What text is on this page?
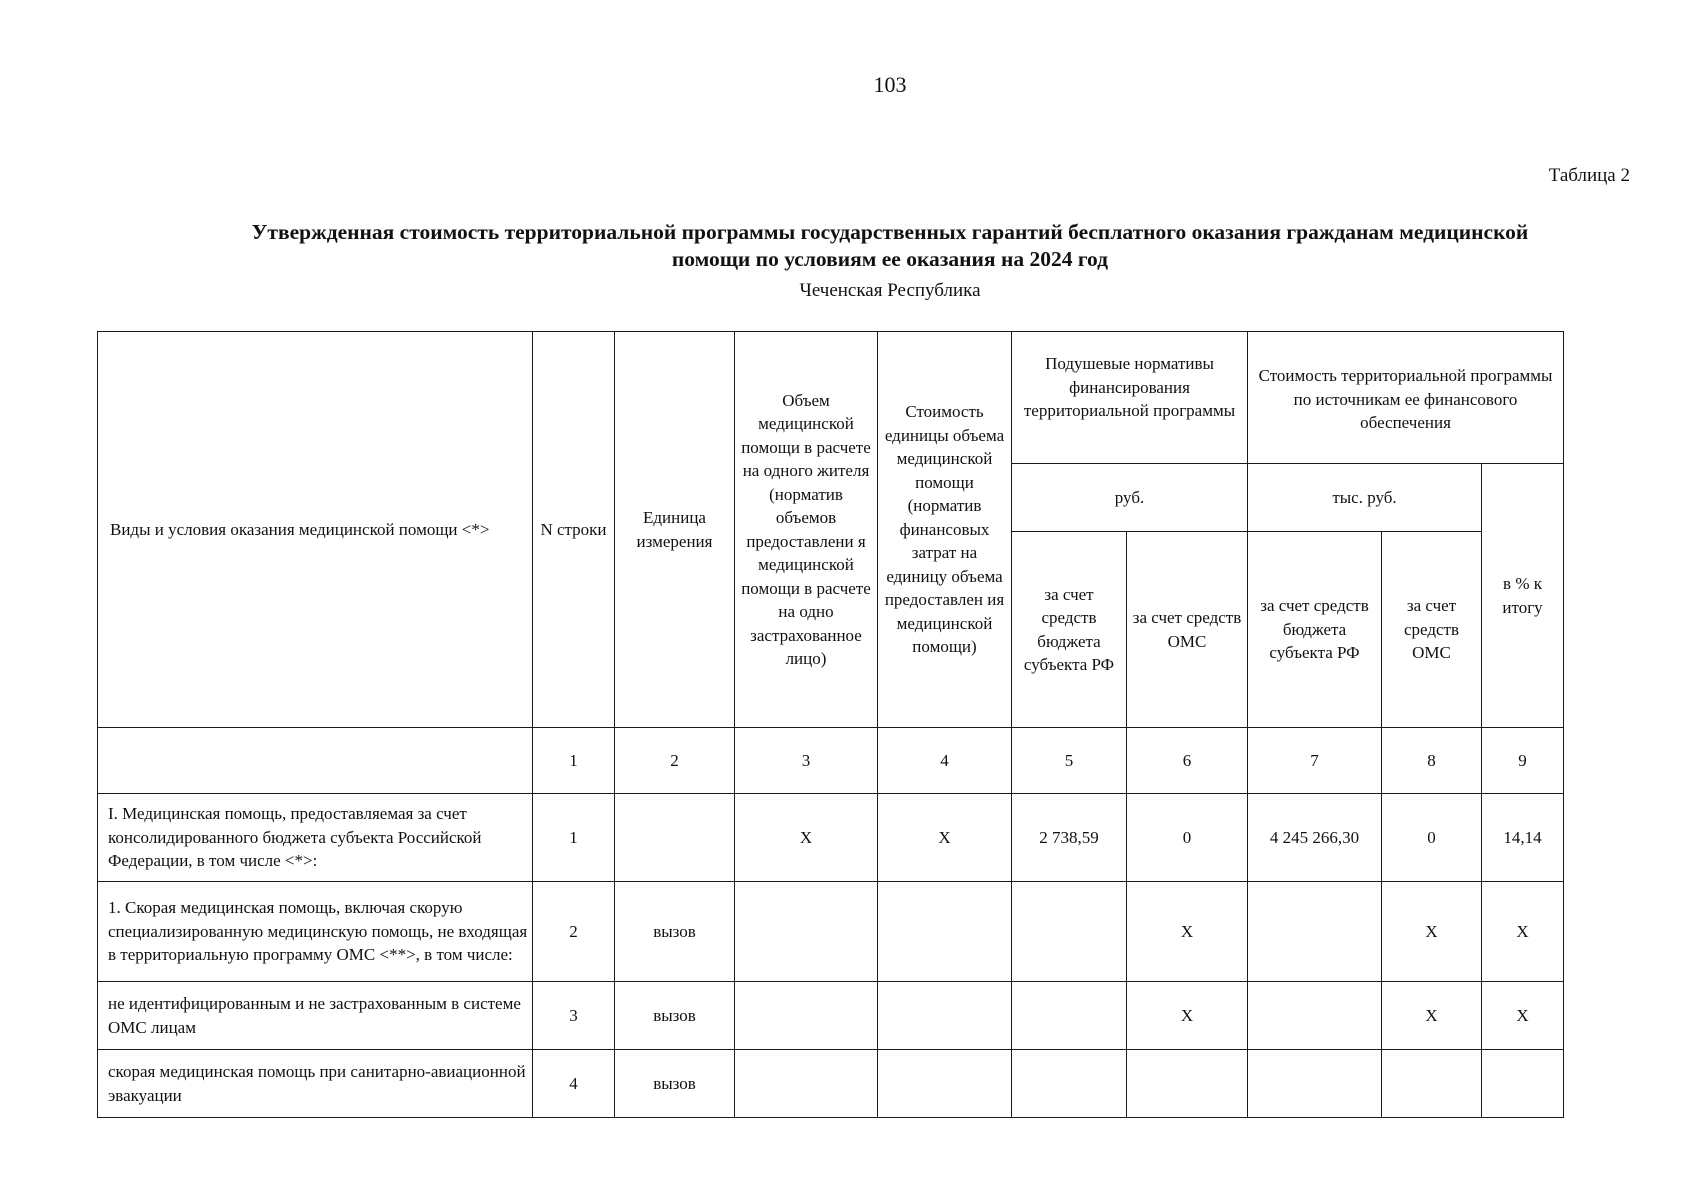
103
Таблица 2
Утвержденная стоимость территориальной программы государственных гарантий бесплатного оказания гражданам медицинской
помощи по условиям ее оказания на 2024 год
Чеченская Республика
Виды и условия оказания медицинской помощи <*>	N строки	Единица измерения	Объем медицинской помощи в расчете на одного жителя (норматив объемов предоставлени я медицинской помощи в расчете на одно застрахованное лицо)	Стоимость единицы объема медицинской помощи (норматив финансовых затрат на единицу объема предоставлен ия медицинской помощи)	Подушевые нормативы финансирования территориальной программы		Стоимость территориальной программы по источникам ее финансового обеспечения		
					руб.		тыс. руб.		в % к итогу
					за счет средств бюджета субъекта РФ	за счет средств ОМС	за счет средств бюджета субъекта РФ	за счет средств ОМС	
	1	2	3	4	5	6	7	8	9
I. Медицинская помощь, предоставляемая за счет консолидированного бюджета субъекта Российской Федерации, в том числе <*>:	1		X	X	2 738,59	0	4 245 266,30	0	14,14
1. Скорая медицинская помощь, включая скорую специализированную медицинскую помощь, не входящая в территориальную программу ОМС <**>, в том числе:	2	вызов				X		X	X
не идентифицированным и не застрахованным в системе ОМС лицам	3	вызов				X		X	X
скорая медицинская помощь при санитарно-авиационной эвакуации	4	вызов							
